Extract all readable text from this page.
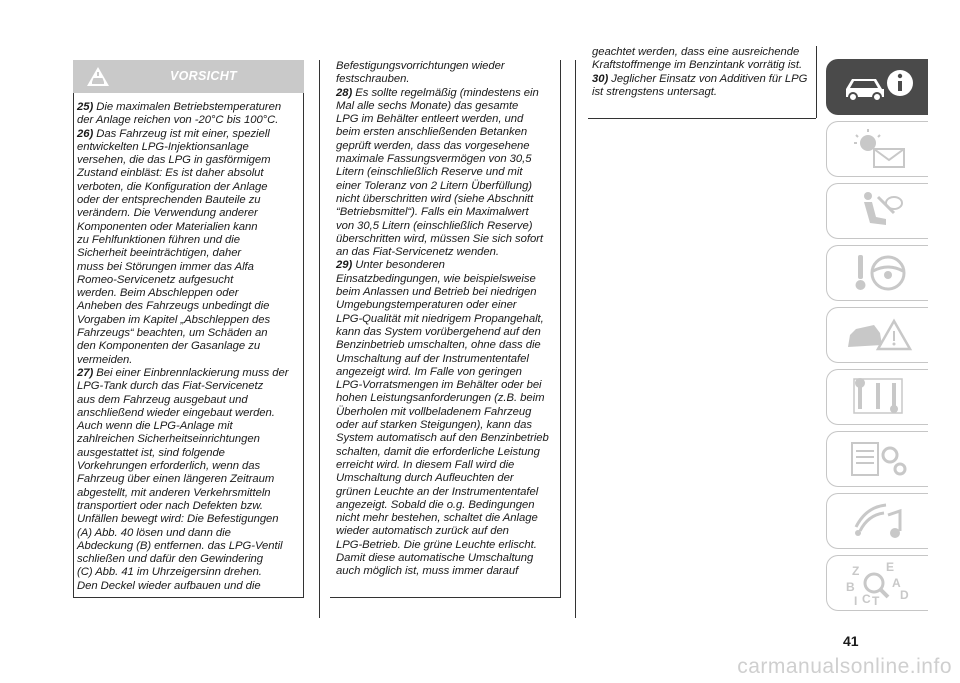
VORSICHT

25) Die maximalen Betriebstemperaturen
der Anlage reichen von -20°C bis 100°C.

26) Das Fahrzeug ist mit einer, speziell
entwickelten LPG-Injektionsanlage
versehen, die das LPG in gasförmigem
Zustand einbläst: Es ist daher absolut
verboten, die Konfiguration der Anlage
oder der entsprechenden Bauteile zu
verändern. Die Verwendung anderer
Komponenten oder Materialien kann
zu Fehlfunktionen führen und die
Sicherheit beeinträchtigen, daher
muss bei Störungen immer das Alfa
Romeo-Servicenetz aufgesucht
werden. Beim Abschleppen oder
Anheben des Fahrzeugs unbedingt die
Vorgaben im Kapitel „Abschleppen des
Fahrzeugs“ beachten, um Schäden an
den Komponenten der Gasanlage zu
vermeiden.

27) Bei einer Einbrennlackierung muss der
LPG-Tank durch das Fiat-Servicenetz
aus dem Fahrzeug ausgebaut und
anschließend wieder eingebaut werden.
Auch wenn die LPG-Anlage mit
zahlreichen Sicherheitseinrichtungen
ausgestattet ist, sind folgende
Vorkehrungen erforderlich, wenn das
Fahrzeug über einen längeren Zeitraum
abgestellt, mit anderen Verkehrsmitteln
transportiert oder nach Defekten bzw.
Unfällen bewegt wird: Die Befestigungen
(A) Abb. 40 lösen und dann die
Abdeckung (B) entfernen. das LPG-Ventil
schließen und dafür den Gewindering
(C) Abb. 41 im Uhrzeigersinn drehen.
Den Deckel wieder aufbauen und die

Befestigungsvorrichtungen wieder
festschrauben.

28) Es sollte regelmäßig (mindestens ein
Mal alle sechs Monate) das gesamte
LPG im Behälter entleert werden, und
beim ersten anschließenden Betanken
geprüft werden, dass das vorgesehene
maximale Fassungsvermögen von 30,5
Litern (einschließlich Reserve und mit
einer Toleranz von 2 Litern Überfüllung)
nicht überschritten wird (siehe Abschnitt
“Betriebsmittel“). Falls ein Maximalwert
von 30,5 Litern (einschließlich Reserve)
überschritten wird, müssen Sie sich sofort
an das Fiat-Servicenetz wenden.

29) Unter besonderen
Einsatzbedingungen, wie beispielsweise
beim Anlassen und Betrieb bei niedrigen
Umgebungstemperaturen oder einer
LPG-Qualität mit niedrigem Propangehalt,
kann das System vorübergehend auf den
Benzinbetrieb umschalten, ohne dass die
Umschaltung auf der Instrumententafel
angezeigt wird. Im Falle von geringen
LPG-Vorratsmengen im Behälter oder bei
hohen Leistungsanforderungen (z.B. beim
Überholen mit vollbeladenem Fahrzeug
oder auf starken Steigungen), kann das
System automatisch auf den Benzinbetrieb
schalten, damit die erforderliche Leistung
erreicht wird. In diesem Fall wird die
Umschaltung durch Aufleuchten der
grünen Leuchte an der Instrumententafel
angezeigt. Sobald die o.g. Bedingungen
nicht mehr bestehen, schaltet die Anlage
wieder automatisch zurück auf den
LPG-Betrieb. Die grüne Leuchte erlischt.
Damit diese automatische Umschaltung
auch möglich ist, muss immer darauf

geachtet werden, dass eine ausreichende
Kraftstoffmenge im Benzintank vorrätig ist.

30) Jeglicher Einsatz von Additiven für LPG
ist strengstens untersagt.

Z E
A
B
C
I T D
41
carmanualsonline.info
